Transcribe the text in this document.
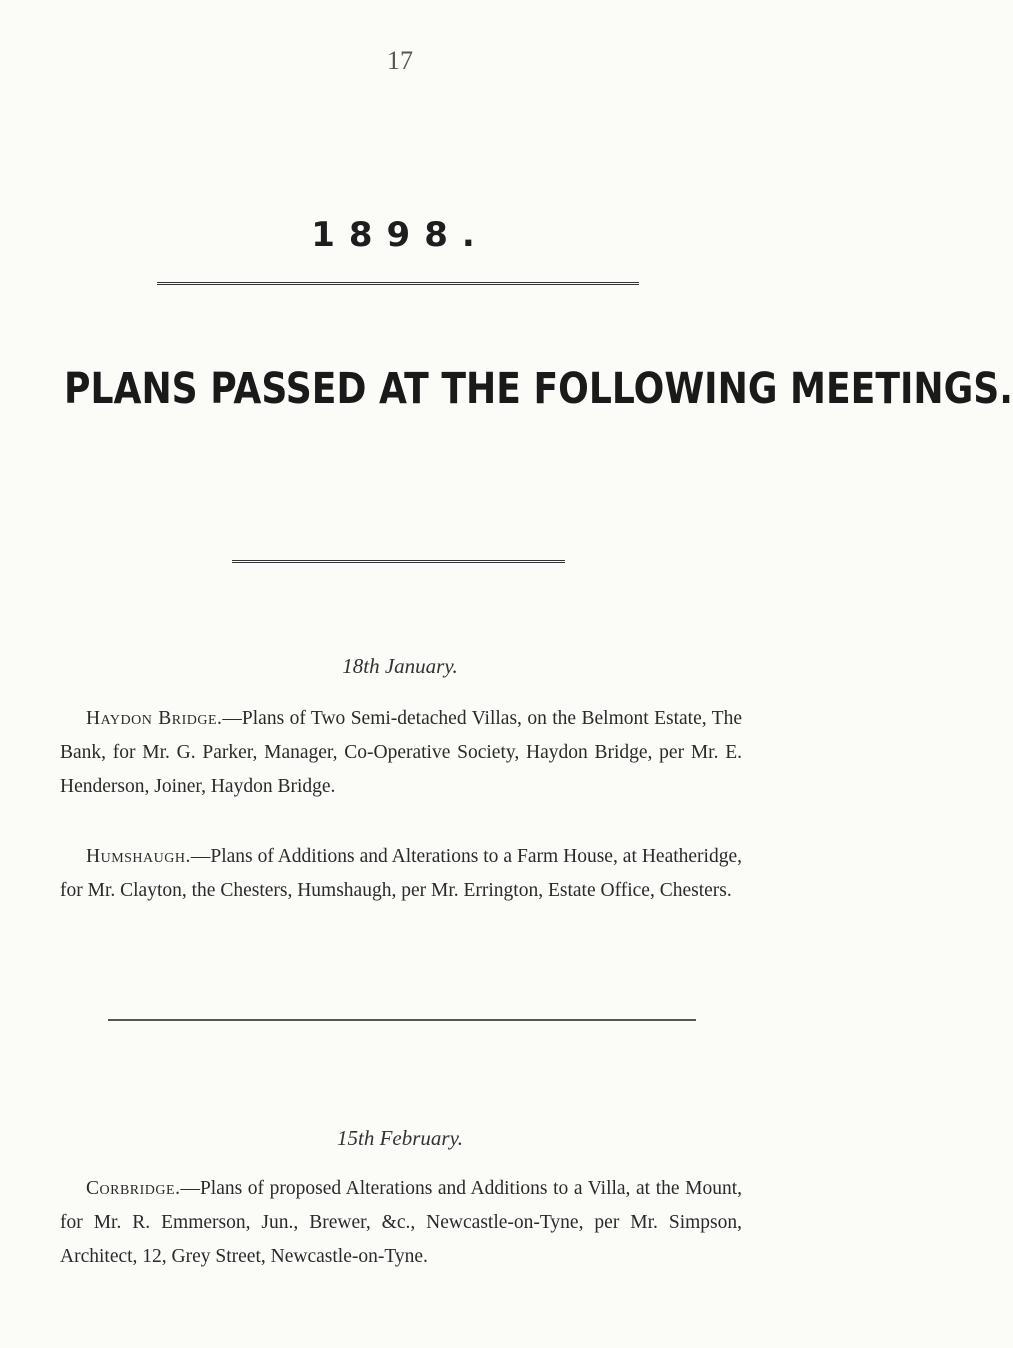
17
1898.
PLANS PASSED AT THE FOLLOWING MEETINGS.
18th January.
Haydon Bridge.—Plans of Two Semi-detached Villas, on the Belmont Estate, The Bank, for Mr. G. Parker, Manager, Co-Operative Society, Haydon Bridge, per Mr. E. Henderson, Joiner, Haydon Bridge.
Humshaugh.—Plans of Additions and Alterations to a Farm House, at Heatheridge, for Mr. Clayton, the Chesters, Humshaugh, per Mr. Errington, Estate Office, Chesters.
15th February.
Corbridge.—Plans of proposed Alterations and Additions to a Villa, at the Mount, for Mr. R. Emmerson, Jun., Brewer, &c., Newcastle-on-Tyne, per Mr. Simpson, Architect, 12, Grey Street, Newcastle-on-Tyne.
